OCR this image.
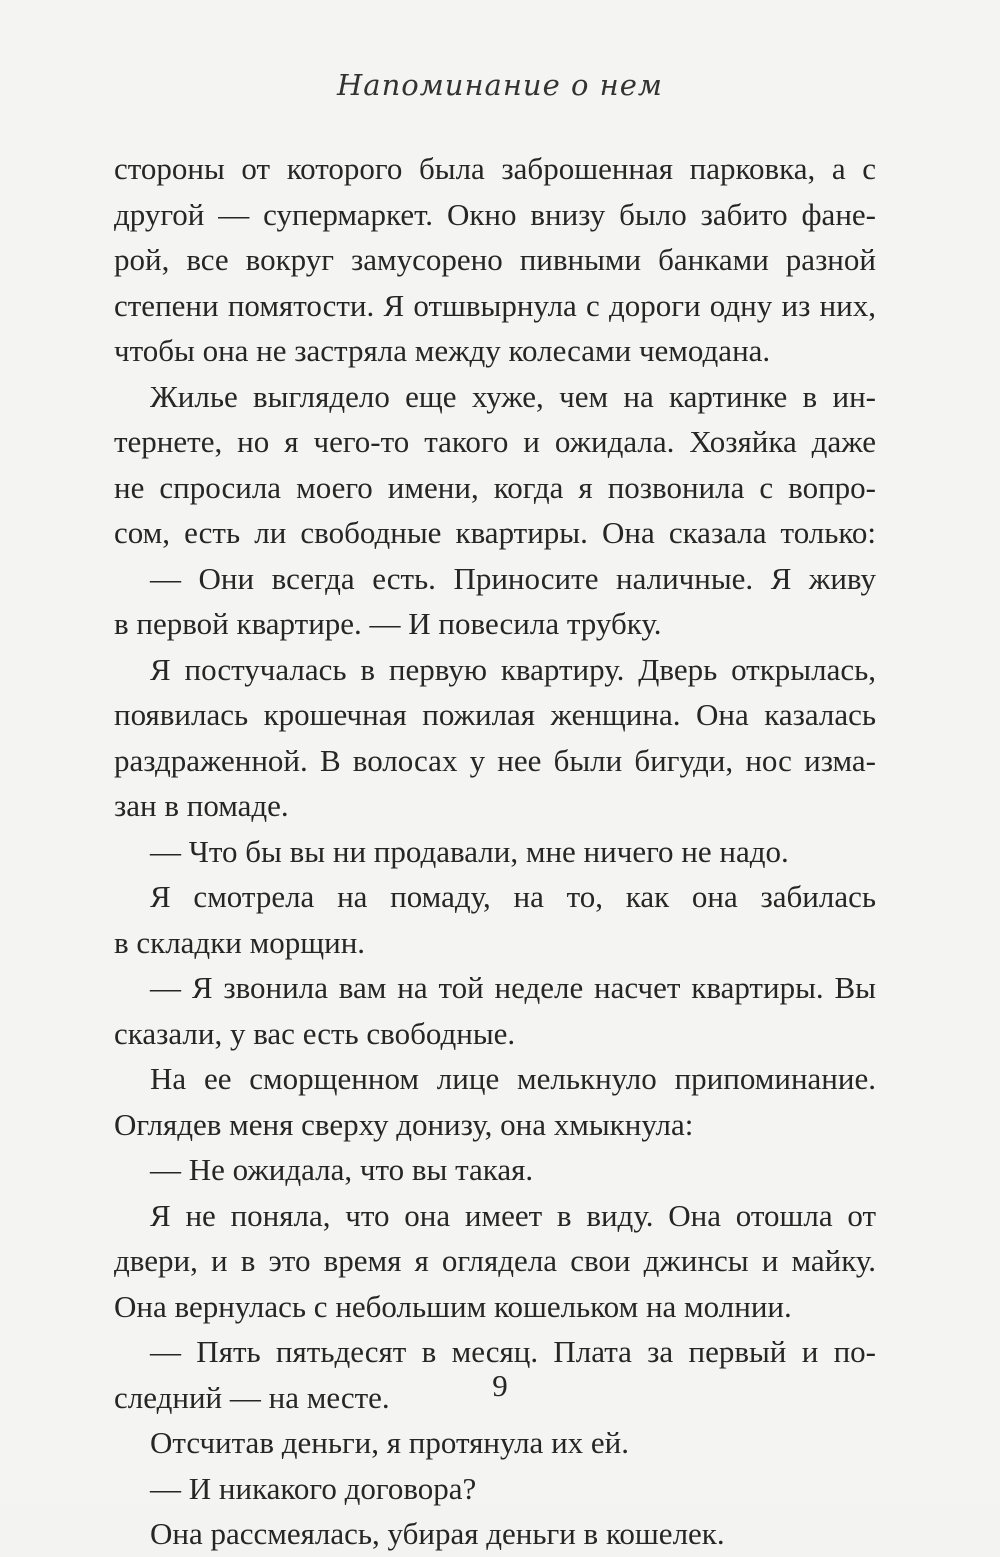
Напоминание о нем
стороны от которого была заброшенная парковка, а с
другой — супермаркет. Окно внизу было забито фане-
рой, все вокруг замусорено пивными банками разной
степени помятости. Я отшвырнула с дороги одну из них,
чтобы она не застряла между колесами чемодана.
Жилье выглядело еще хуже, чем на картинке в ин-
тернете, но я чего-то такого и ожидала. Хозяйка даже
не спросила моего имени, когда я позвонила с вопро-
сом, есть ли свободные квартиры. Она сказала только:
— Они всегда есть. Приносите наличные. Я живу
в первой квартире. — И повесила трубку.
Я постучалась в первую квартиру. Дверь открылась,
появилась крошечная пожилая женщина. Она казалась
раздраженной. В волосах у нее были бигуди, нос изма-
зан в помаде.
— Что бы вы ни продавали, мне ничего не надо.
Я смотрела на помаду, на то, как она забилась
в складки морщин.
— Я звонила вам на той неделе насчет квартиры. Вы
сказали, у вас есть свободные.
На ее сморщенном лице мелькнуло припоминание.
Оглядев меня сверху донизу, она хмыкнула:
— Не ожидала, что вы такая.
Я не поняла, что она имеет в виду. Она отошла от
двери, и в это время я оглядела свои джинсы и майку.
Она вернулась с небольшим кошельком на молнии.
— Пять пятьдесят в месяц. Плата за первый и по-
следний — на месте.
Отсчитав деньги, я протянула их ей.
— И никакого договора?
Она рассмеялась, убирая деньги в кошелек.
9
